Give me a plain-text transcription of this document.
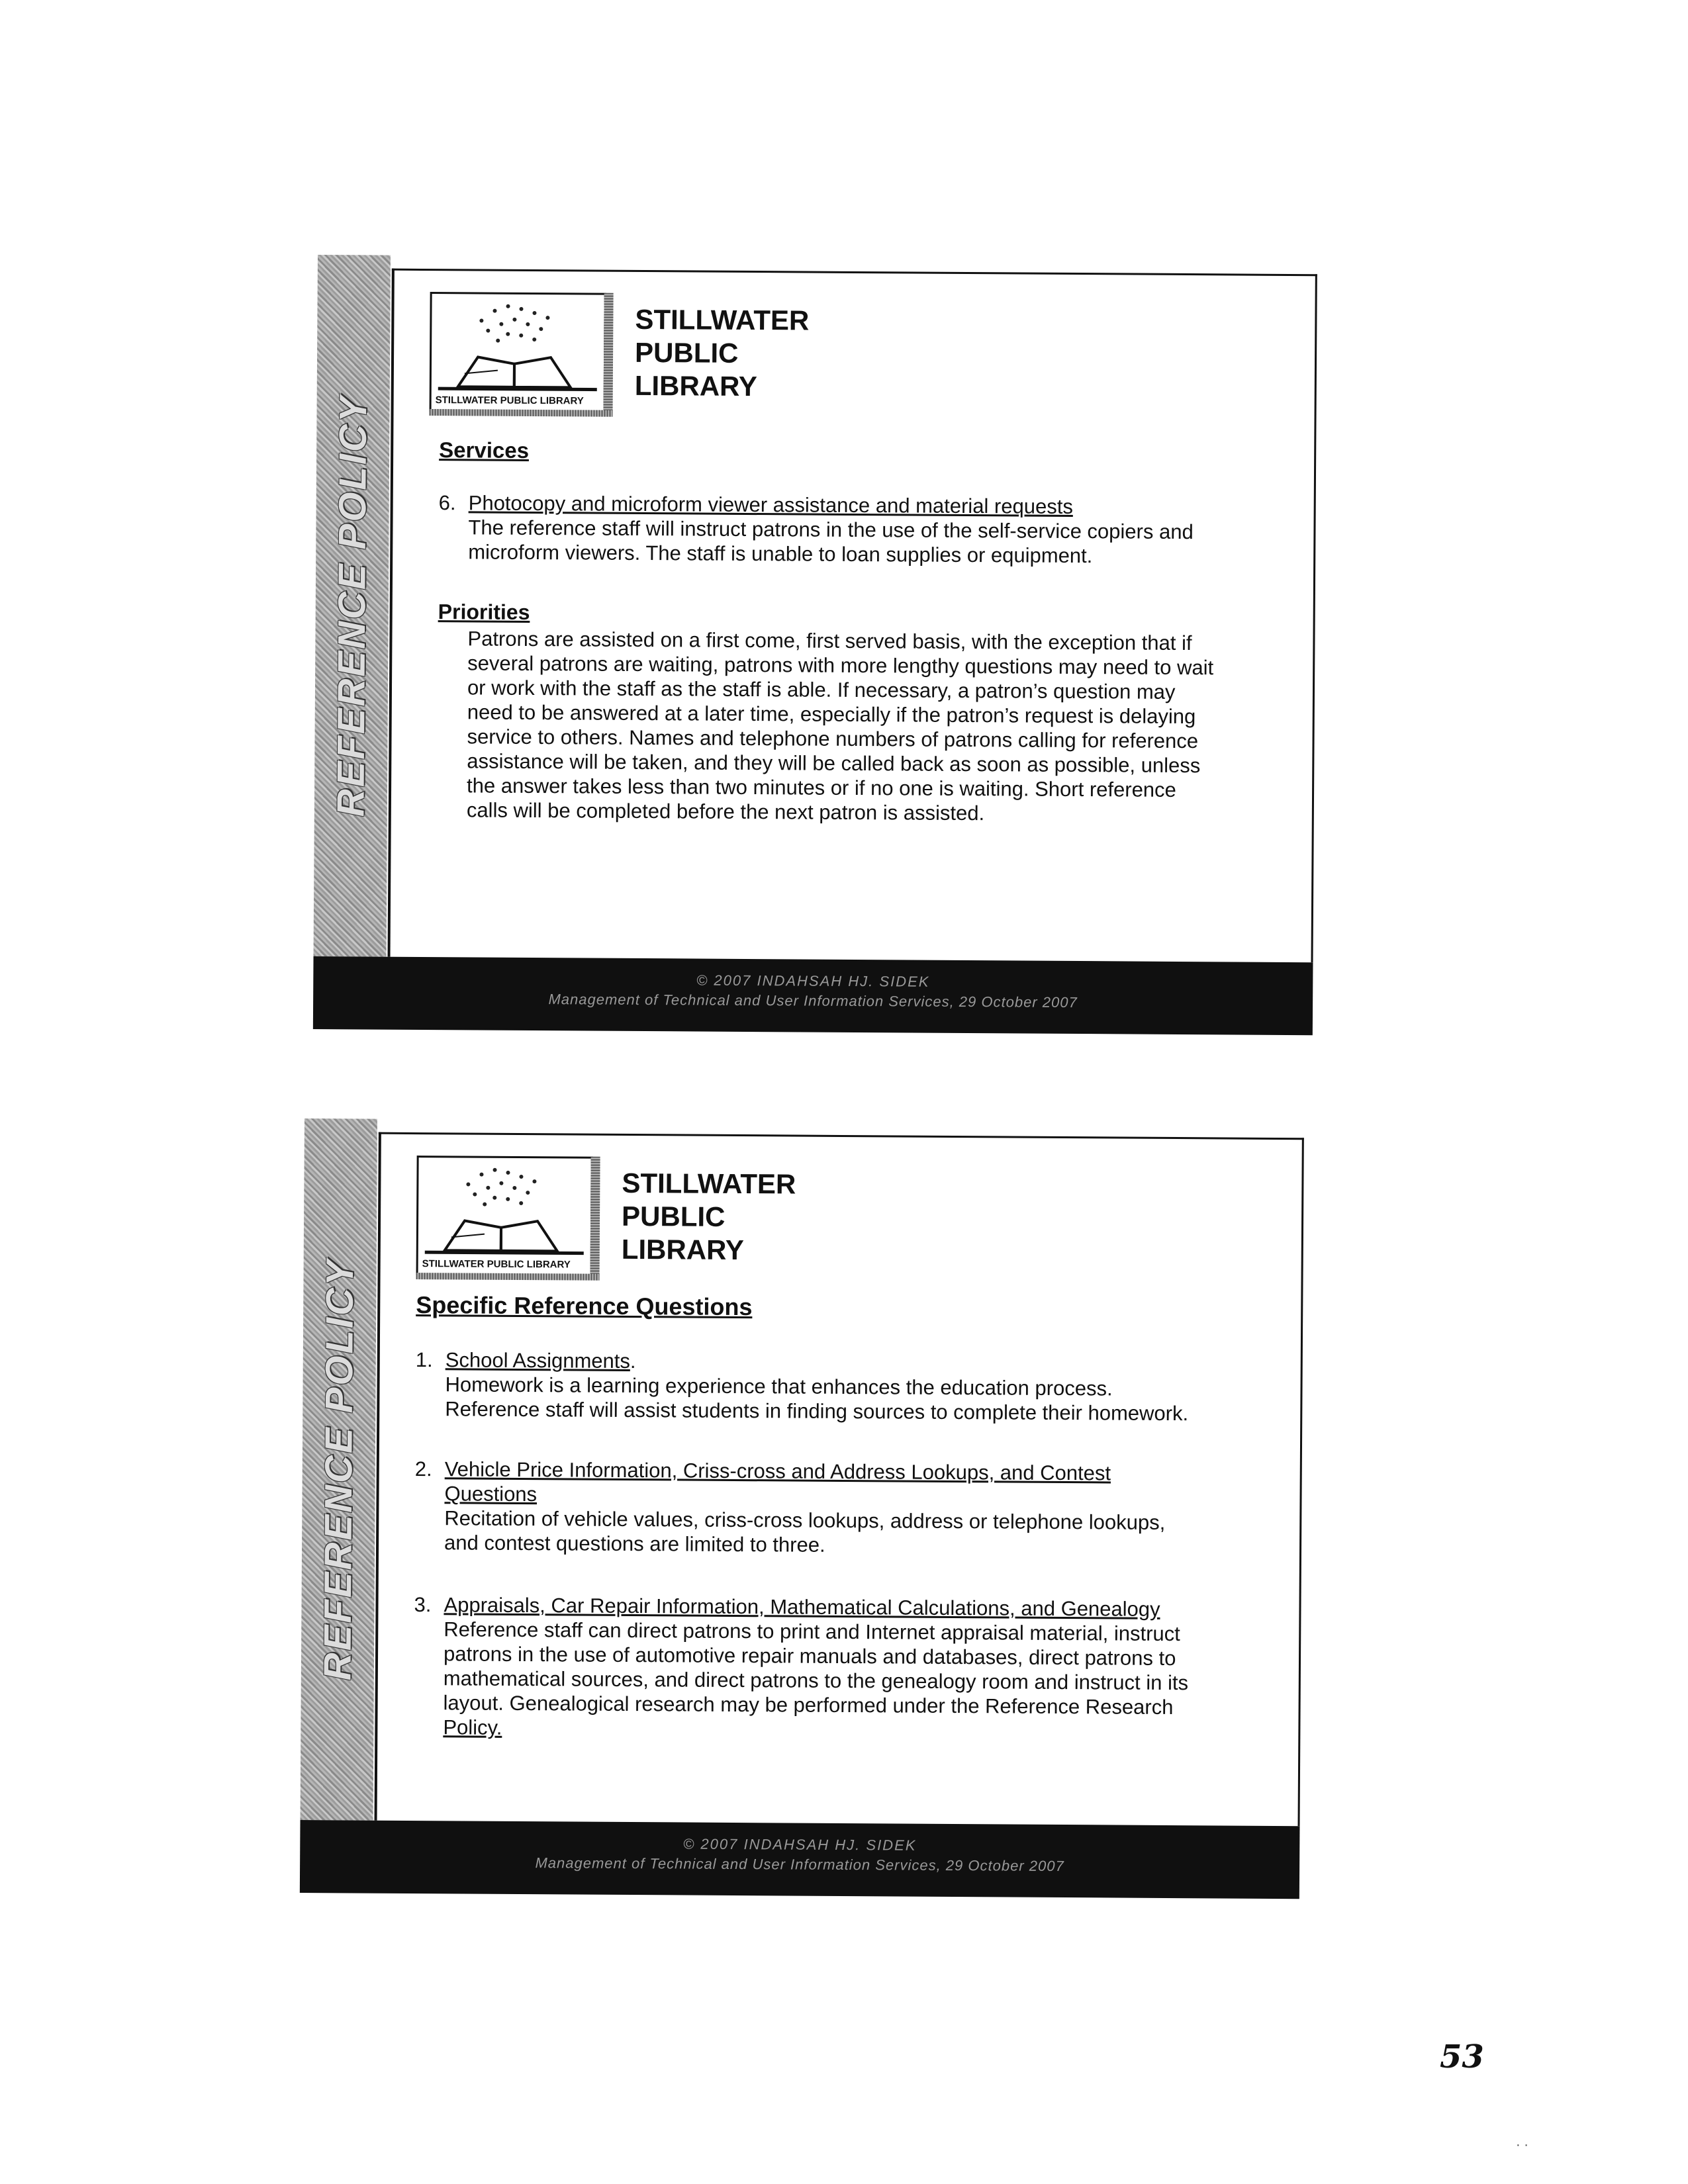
REFERENCE POLICY	STILLWATER PUBLIC LIBRARY
STILLWATER
PUBLIC
LIBRARY
Services
6. Photocopy and microform viewer assistance and material requests
The reference staff will instruct patrons in the use of the self-service copiers and
microform viewers. The staff is unable to loan supplies or equipment.
Priorities
Patrons are assisted on a first come, first served basis, with the exception that if
several patrons are waiting, patrons with more lengthy questions may need to wait
or work with the staff as the staff is able. If necessary, a patron’s question may
need to be answered at a later time, especially if the patron’s request is delaying
service to others. Names and telephone numbers of patrons calling for reference
assistance will be taken, and they will be called back as soon as possible, unless
the answer takes less than two minutes or if no one is waiting. Short reference
calls will be completed before the next patron is assisted.
© 2007 INDAHSAH HJ. SIDEK
Management of Technical and User Information Services, 29 October 2007
REFERENCE POLICY	STILLWATER PUBLIC LIBRARY
STILLWATER
PUBLIC
LIBRARY
Specific Reference Questions
1. School Assignments.
Homework is a learning experience that enhances the education process.
Reference staff will assist students in finding sources to complete their homework.
2. Vehicle Price Information, Criss-cross and Address Lookups, and Contest
Questions
Recitation of vehicle values, criss-cross lookups, address or telephone lookups,
and contest questions are limited to three.
3. Appraisals, Car Repair Information, Mathematical Calculations, and Genealogy
Reference staff can direct patrons to print and Internet appraisal material, instruct
patrons in the use of automotive repair manuals and databases, direct patrons to
mathematical sources, and direct patrons to the genealogy room and instruct in its
layout. Genealogical research may be performed under the Reference Research
Policy.
© 2007 INDAHSAH HJ. SIDEK
Management of Technical and User Information Services, 29 October 2007
53
· ·
